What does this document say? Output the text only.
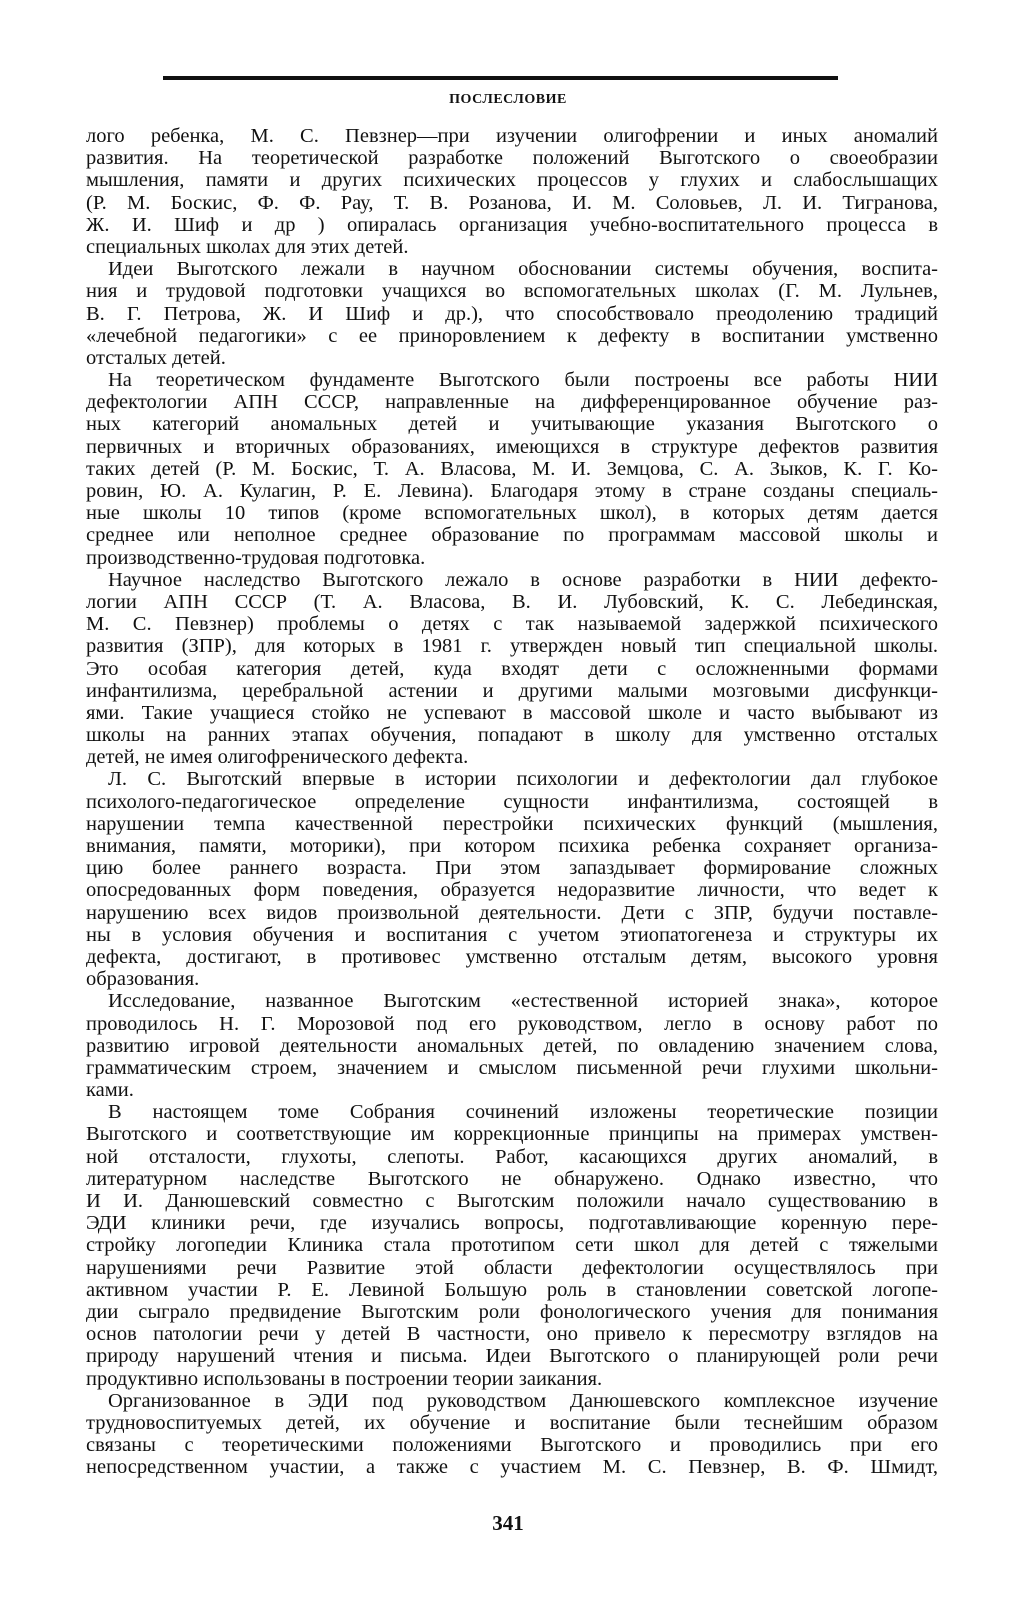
ПОСЛЕСЛОВИЕ
лого ребенка, М. С. Певзнер—при изучении олигофрении и иных аномалий
развития. На теоретической разработке положений Выготского о своеобразии
мышления, памяти и других психических процессов у глухих и слабослышащих
(Р. М. Боскис, Ф. Ф. Рау, Т. В. Розанова, И. М. Соловьев, Л. И. Тигранова,
Ж. И. Шиф и др ) опиралась организация учебно-воспитательного процесса в
специальных школах для этих детей.
Идеи Выготского лежали в научном обосновании системы обучения, воспита-
ния и трудовой подготовки учащихся во вспомогательных школах (Г. М. Лульнев,
В. Г. Петрова, Ж. И Шиф и др.), что способствовало преодолению традиций
«лечебной педагогики» с ее приноровлением к дефекту в воспитании умственно
отсталых детей.
На теоретическом фундаменте Выготского были построены все работы НИИ
дефектологии АПН СССР, направленные на дифференцированное обучение раз-
ных категорий аномальных детей и учитывающие указания Выготского о
первичных и вторичных образованиях, имеющихся в структуре дефектов развития
таких детей (Р. М. Боскис, Т. А. Власова, М. И. Земцова, С. А. Зыков, К. Г. Ко-
ровин, Ю. А. Кулагин, Р. Е. Левина). Благодаря этому в стране созданы специаль-
ные школы 10 типов (кроме вспомогательных школ), в которых детям дается
среднее или неполное среднее образование по программам массовой школы и
производственно-трудовая подготовка.
Научное наследство Выготского лежало в основе разработки в НИИ дефекто-
логии АПН СССР (Т. А. Власова, В. И. Лубовский, К. С. Лебединская,
М. С. Певзнер) проблемы о детях с так называемой задержкой психического
развития (ЗПР), для которых в 1981 г. утвержден новый тип специальной школы.
Это особая категория детей, куда входят дети с осложненными формами
инфантилизма, церебральной астении и другими малыми мозговыми дисфункци-
ями. Такие учащиеся стойко не успевают в массовой школе и часто выбывают из
школы на ранних этапах обучения, попадают в школу для умственно отсталых
детей, не имея олигофренического дефекта.
Л. С. Выготский впервые в истории психологии и дефектологии дал глубокое
психолого-педагогическое определение сущности инфантилизма, состоящей в
нарушении темпа качественной перестройки психических функций (мышления,
внимания, памяти, моторики), при котором психика ребенка сохраняет организа-
цию более раннего возраста. При этом запаздывает формирование сложных
опосредованных форм поведения, образуется недоразвитие личности, что ведет к
нарушению всех видов произвольной деятельности. Дети с ЗПР, будучи поставле-
ны в условия обучения и воспитания с учетом этиопатогенеза и структуры их
дефекта, достигают, в противовес умственно отсталым детям, высокого уровня
образования.
Исследование, названное Выготским «естественной историей знака», которое
проводилось Н. Г. Морозовой под его руководством, легло в основу работ по
развитию игровой деятельности аномальных детей, по овладению значением слова,
грамматическим строем, значением и смыслом письменной речи глухими школьни-
ками.
В настоящем томе Собрания сочинений изложены теоретические позиции
Выготского и соответствующие им коррекционные принципы на примерах умствен-
ной отсталости, глухоты, слепоты. Работ, касающихся других аномалий, в
литературном наследстве Выготского не обнаружено. Однако известно, что
И И. Данюшевский совместно с Выготским положили начало существованию в
ЭДИ клиники речи, где изучались вопросы, подготавливающие коренную пере-
стройку логопедии Клиника стала прототипом сети школ для детей с тяжелыми
нарушениями речи Развитие этой области дефектологии осуществлялось при
активном участии Р. Е. Левиной Большую роль в становлении советской логопе-
дии сыграло предвидение Выготским роли фонологического учения для понимания
основ патологии речи у детей В частности, оно привело к пересмотру взглядов на
природу нарушений чтения и письма. Идеи Выготского о планирующей роли речи
продуктивно использованы в построении теории заикания.
Организованное в ЭДИ под руководством Данюшевского комплексное изучение
трудновоспитуемых детей, их обучение и воспитание были теснейшим образом
связаны с теоретическими положениями Выготского и проводились при его
непосредственном участии, а также с участием М. С. Певзнер, В. Ф. Шмидт,
341
